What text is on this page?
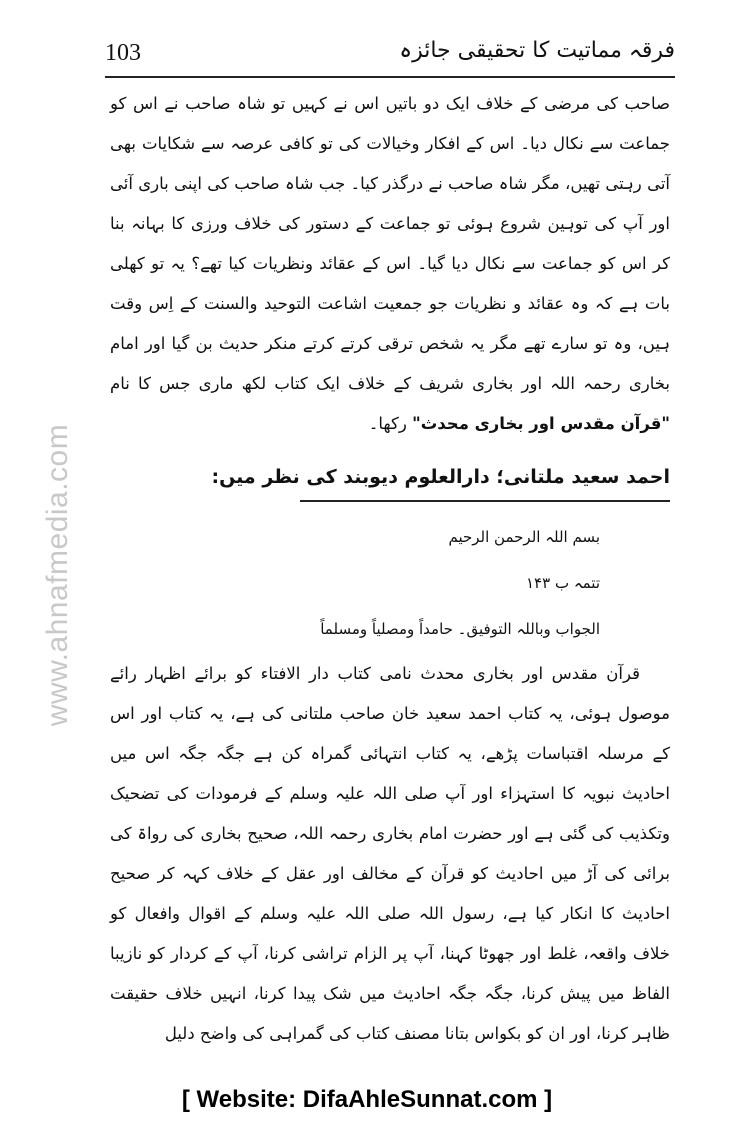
فرقہ مماتیت کا تحقیقی جائزہ
103

صاحب کی مرضی کے خلاف ایک دو باتیں اس نے کہیں تو شاہ صاحب نے اس کو جماعت سے نکال دیا۔ اس کے افکار وخیالات کی تو کافی عرصہ سے شکایات بھی آتی رہتی تھیں، مگر شاہ صاحب نے درگذر کیا۔ جب شاہ صاحب کی اپنی باری آئی اور آپ کی توہین شروع ہوئی تو جماعت کے دستور کی خلاف ورزی کا بہانہ بنا کر اس کو جماعت سے نکال دیا گیا۔ اس کے عقائد ونظریات کیا تھے؟ یہ تو کھلی بات ہے کہ وہ عقائد و نظریات جو جمعیت اشاعت التوحید والسنت کے اِس وقت ہیں، وہ تو سارے تھے مگر یہ شخص ترقی کرتے کرتے منکر حدیث بن گیا اور امام بخاری رحمہ اللہ اور بخاری شریف کے خلاف ایک کتاب لکھ ماری جس کا نام "قرآن مقدس اور بخاری محدث" رکھا۔

احمد سعید ملتانی؛ دارالعلوم دیوبند کی نظر میں:
بسم اللہ الرحمن الرحیم
تتمہ ب ۱۴۳
الجواب وباللہ التوفیق۔ حامداً ومصلیاً ومسلماً

قرآن مقدس اور بخاری محدث نامی کتاب دار الافتاء کو برائے اظہار رائے موصول ہوئی، یہ کتاب احمد سعید خان صاحب ملتانی کی ہے، یہ کتاب اور اس کے مرسلہ اقتباسات پڑھے، یہ کتاب انتہائی گمراہ کن ہے جگہ جگہ اس میں احادیث نبویہ کا استہزاء اور آپ صلی اللہ علیہ وسلم کے فرمودات کی تضحیک وتکذیب کی گئی ہے اور حضرت امام بخاری رحمہ اللہ، صحیح بخاری کی رواۃ کی برائی کی آڑ میں احادیث کو قرآن کے مخالف اور عقل کے خلاف کہہ کر صحیح احادیث کا انکار کیا ہے، رسول اللہ صلی اللہ علیہ وسلم کے اقوال وافعال کو خلاف واقعہ، غلط اور جھوٹا کہنا، آپ پر الزام تراشی کرنا، آپ کے کردار کو نازیبا الفاظ میں پیش کرنا، جگہ جگہ احادیث میں شک پیدا کرنا، انہیں خلاف حقیقت ظاہر کرنا، اور ان کو بکواس بتانا مصنف کتاب کی گمراہی کی واضح دلیل

www.ahnafmedia.com
[ Website: DifaAhleSunnat.com ]
